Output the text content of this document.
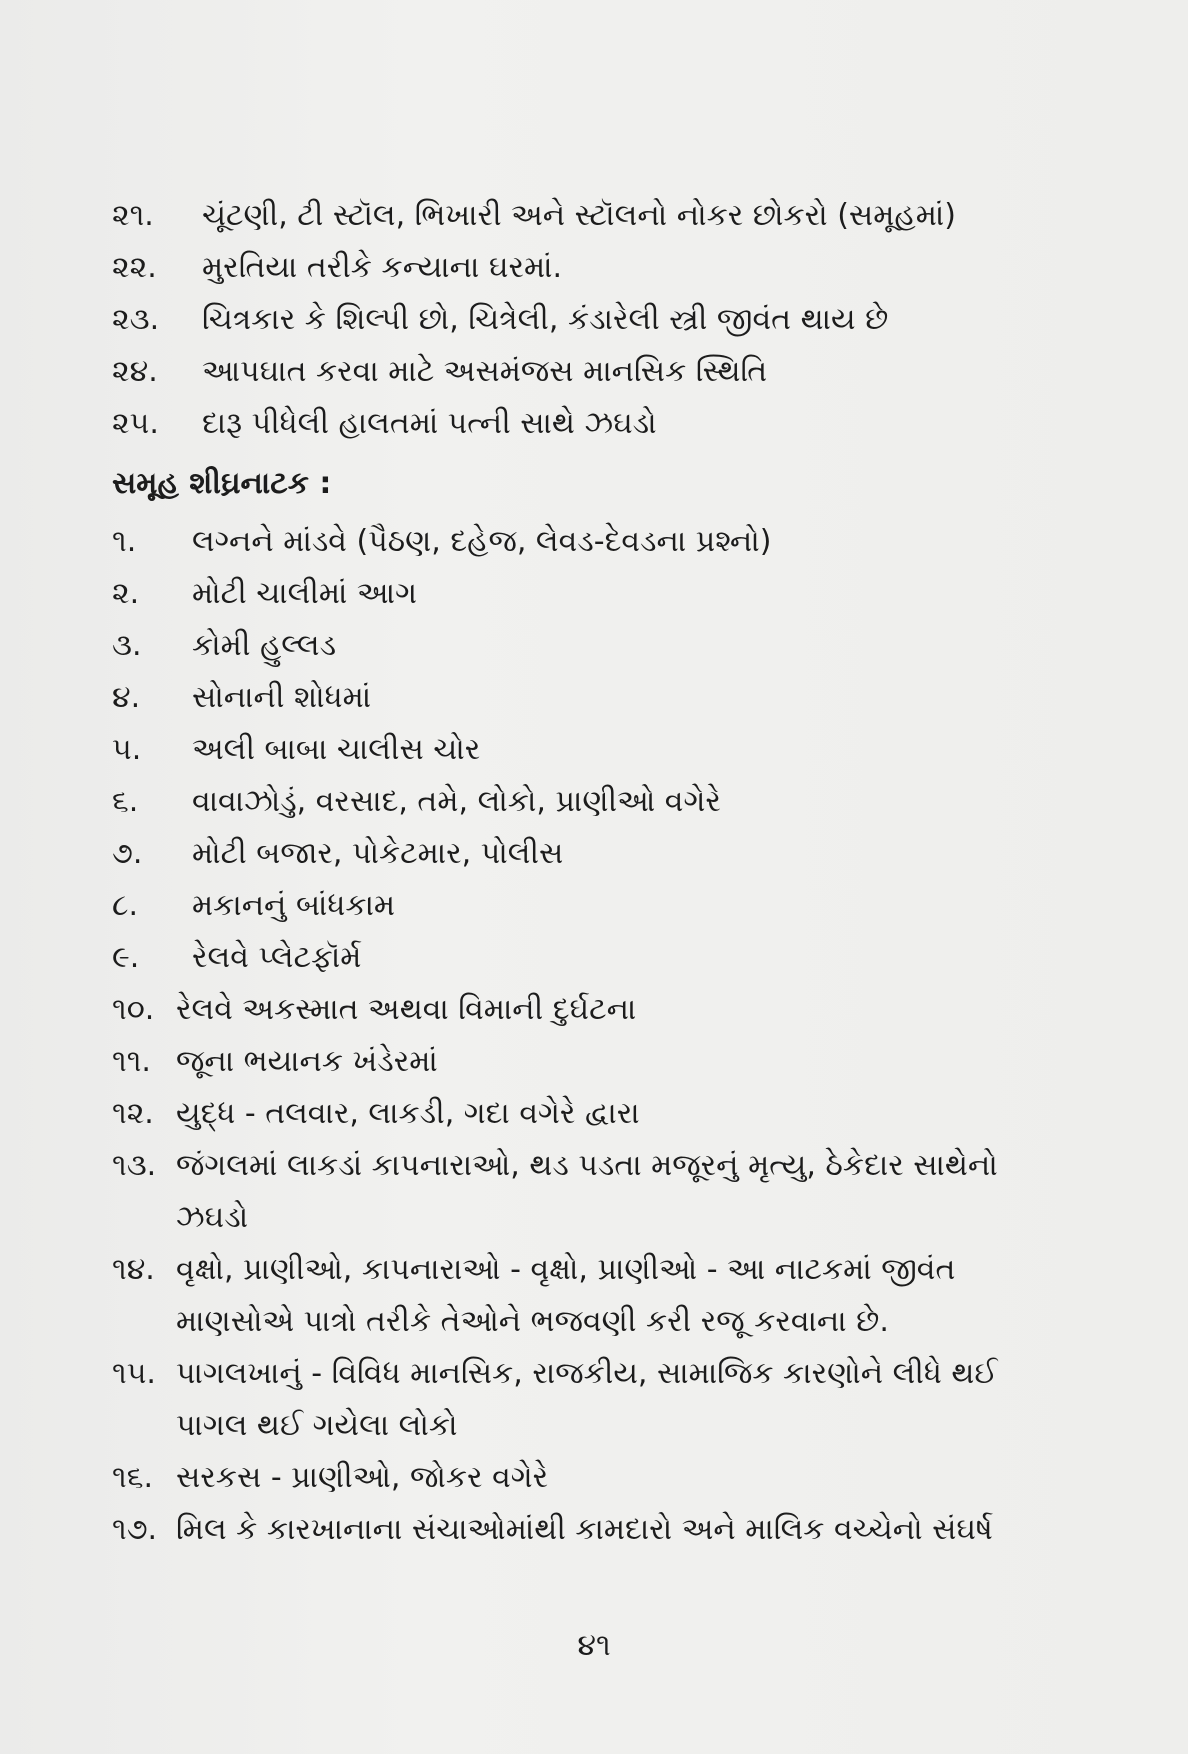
૨૧.	ચૂંટણી, ટી સ્ટૉલ, ભિખારી અને સ્ટૉલનો નોકર છોકરો (સમૂહમાં)
૨૨.	મુરતિયા તરીકે કન્યાના ઘરમાં.
૨૩.	ચિત્રકાર કે શિલ્પી છો, ચિત્રેલી, કંડારેલી સ્ત્રી જીવંત થાય છે
૨૪.	આપઘાત કરવા માટે અસમંજસ માનસિક સ્થિતિ
૨૫.	દારૂ પીધેલી હાલતમાં પત્ની સાથે ઝઘડો
સમૂહ શીઘ્રનાટક :
૧.	લગ્નને માંડવે (પૈઠણ, દહેજ, લેવડ-દેવડના પ્રશ્નો)
૨.	મોટી ચાલીમાં આગ
૩.	કોમી હુલ્લડ
૪.	સોનાની શોધમાં
૫.	અલી બાબા ચાલીસ ચોર
૬.	વાવાઝોડું, વરસાદ, તમે, લોકો, પ્રાણીઓ વગેરે
૭.	મોટી બજાર, પોકેટમાર, પોલીસ
૮.	મકાનનું બાંધકામ
૯.	રેલવે પ્લેટફૉર્મ
૧૦. રેલવે અકસ્માત અથવા વિમાની દુર્ઘટના
૧૧. જૂના ભયાનક ખંડેરમાં
૧૨. યુદ્ધ - તલવાર, લાકડી, ગદા વગેરે દ્વારા
૧૩. જંગલમાં લાકડાં કાપનારાઓ, થડ પડતા મજૂરનું મૃત્યુ, ઠેકેદાર સાથેનો ઝઘડો
૧૪. વૃક્ષો, પ્રાણીઓ, કાપનારાઓ - વૃક્ષો, પ્રાણીઓ - આ નાટકમાં જીવંત માણસોએ પાત્રો તરીકે તેઓને ભજવણી કરી રજૂ કરવાના છે.
૧૫. પાગલખાનું - વિવિધ માનસિક, રાજકીય, સામાજિક કારણોને લીધે થઈ પાગલ થઈ ગયેલા લોકો
૧૬. સરકસ - પ્રાણીઓ, જોકર વગેરે
૧૭. મિલ કે કારખાનાના સંચાઓમાંથી કામદારો અને માલિક વચ્ચેનો સંઘર્ષ
૪૧
